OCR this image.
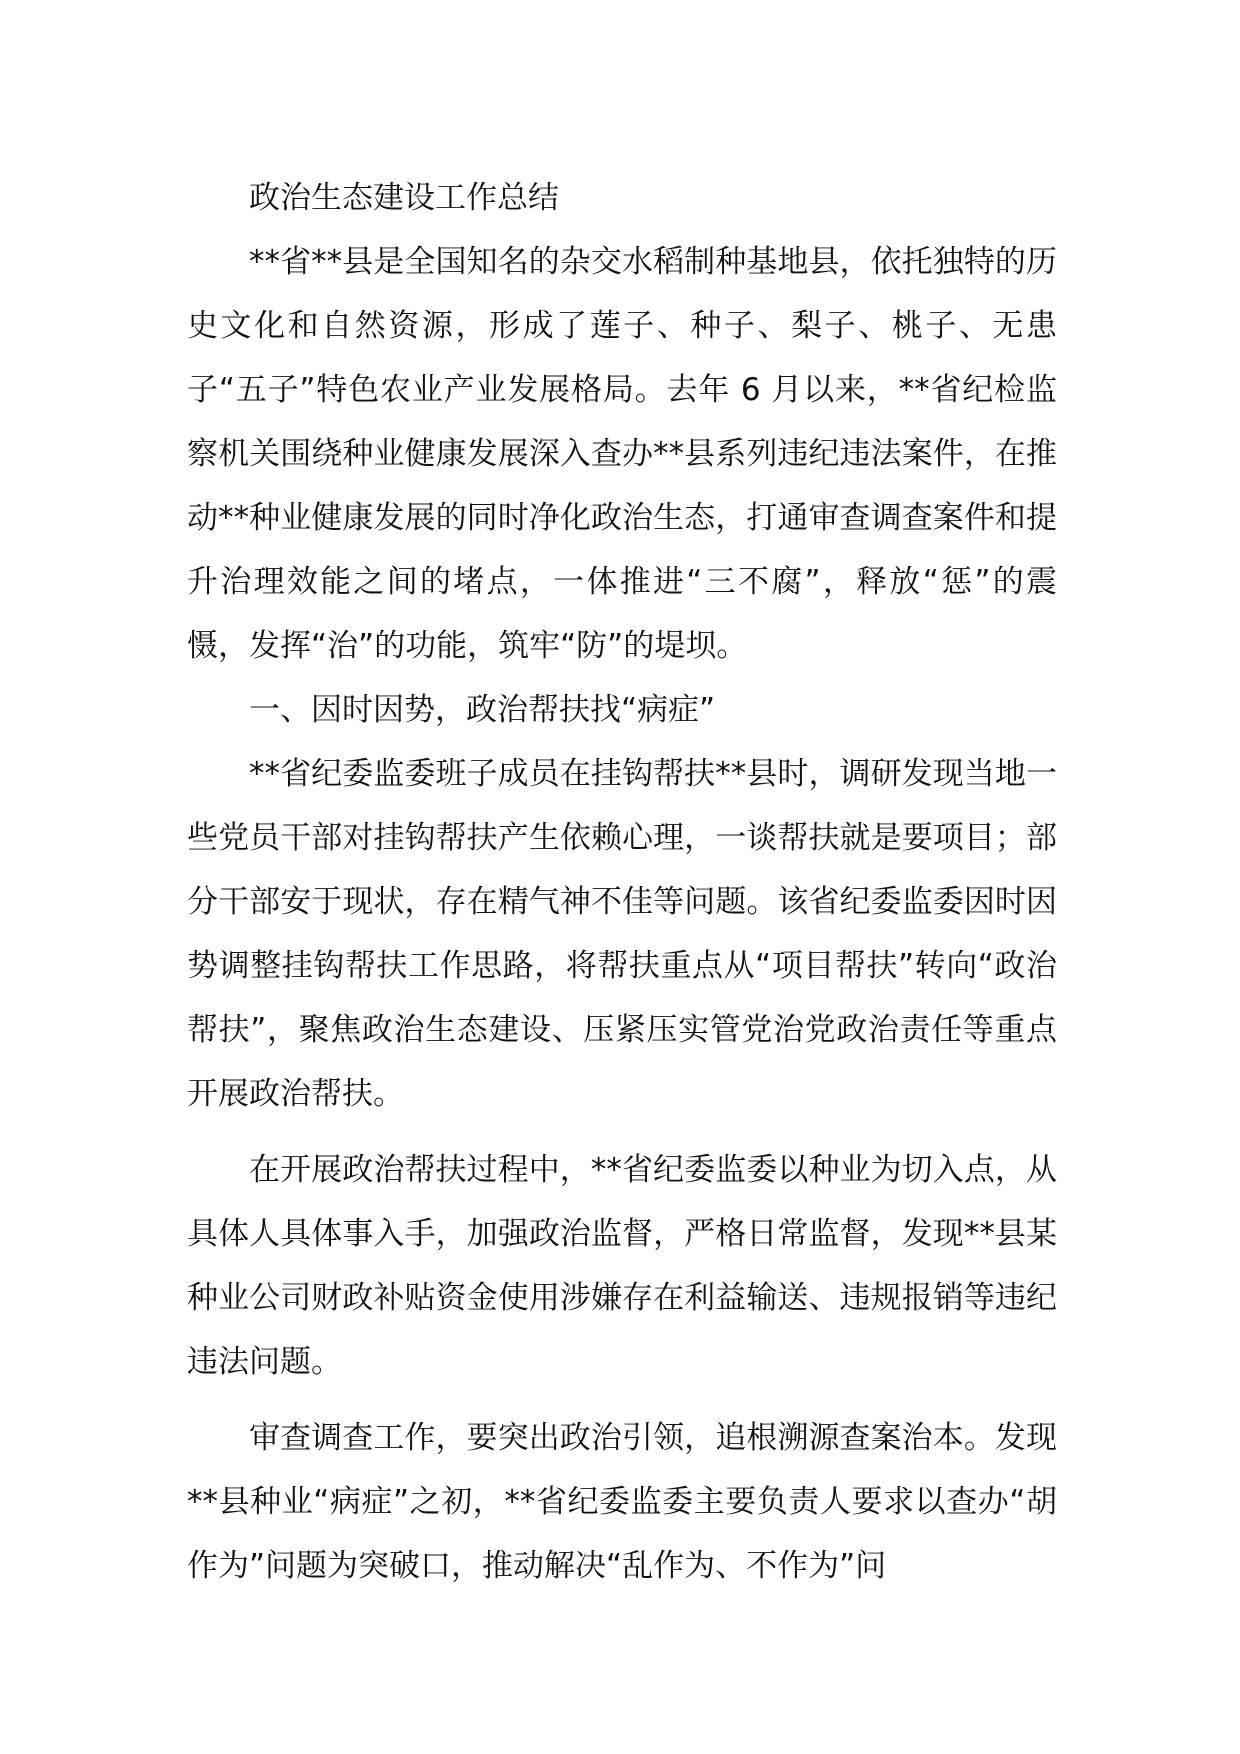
政治生态建设工作总结

**省**县是全国知名的杂交水稻制种基地县，依托独特的历史文化和自然资源，形成了莲子、种子、梨子、桃子、无患子“五子”特色农业产业发展格局。去年 6 月以来，**省纪检监察机关围绕种业健康发展深入查办**县系列违纪违法案件，在推动**种业健康发展的同时净化政治生态，打通审查调查案件和提升治理效能之间的堵点，一体推进“三不腐”，释放“惩”的震慑，发挥“治”的功能，筑牢“防”的堤坝。

一、因时因势，政治帮扶找“病症”

**省纪委监委班子成员在挂钩帮扶**县时，调研发现当地一些党员干部对挂钩帮扶产生依赖心理，一谈帮扶就是要项目；部分干部安于现状，存在精气神不佳等问题。该省纪委监委因时因势调整挂钩帮扶工作思路，将帮扶重点从“项目帮扶”转向“政治帮扶”，聚焦政治生态建设、压紧压实管党治党政治责任等重点开展政治帮扶。

在开展政治帮扶过程中，**省纪委监委以种业为切入点，从具体人具体事入手，加强政治监督，严格日常监督，发现**县某种业公司财政补贴资金使用涉嫌存在利益输送、违规报销等违纪违法问题。

审查调查工作，要突出政治引领，追根溯源查案治本。发现**县种业“病症”之初，**省纪委监委主要负责人要求以查办“胡作为”问题为突破口，推动解决“乱作为、不作为”问
